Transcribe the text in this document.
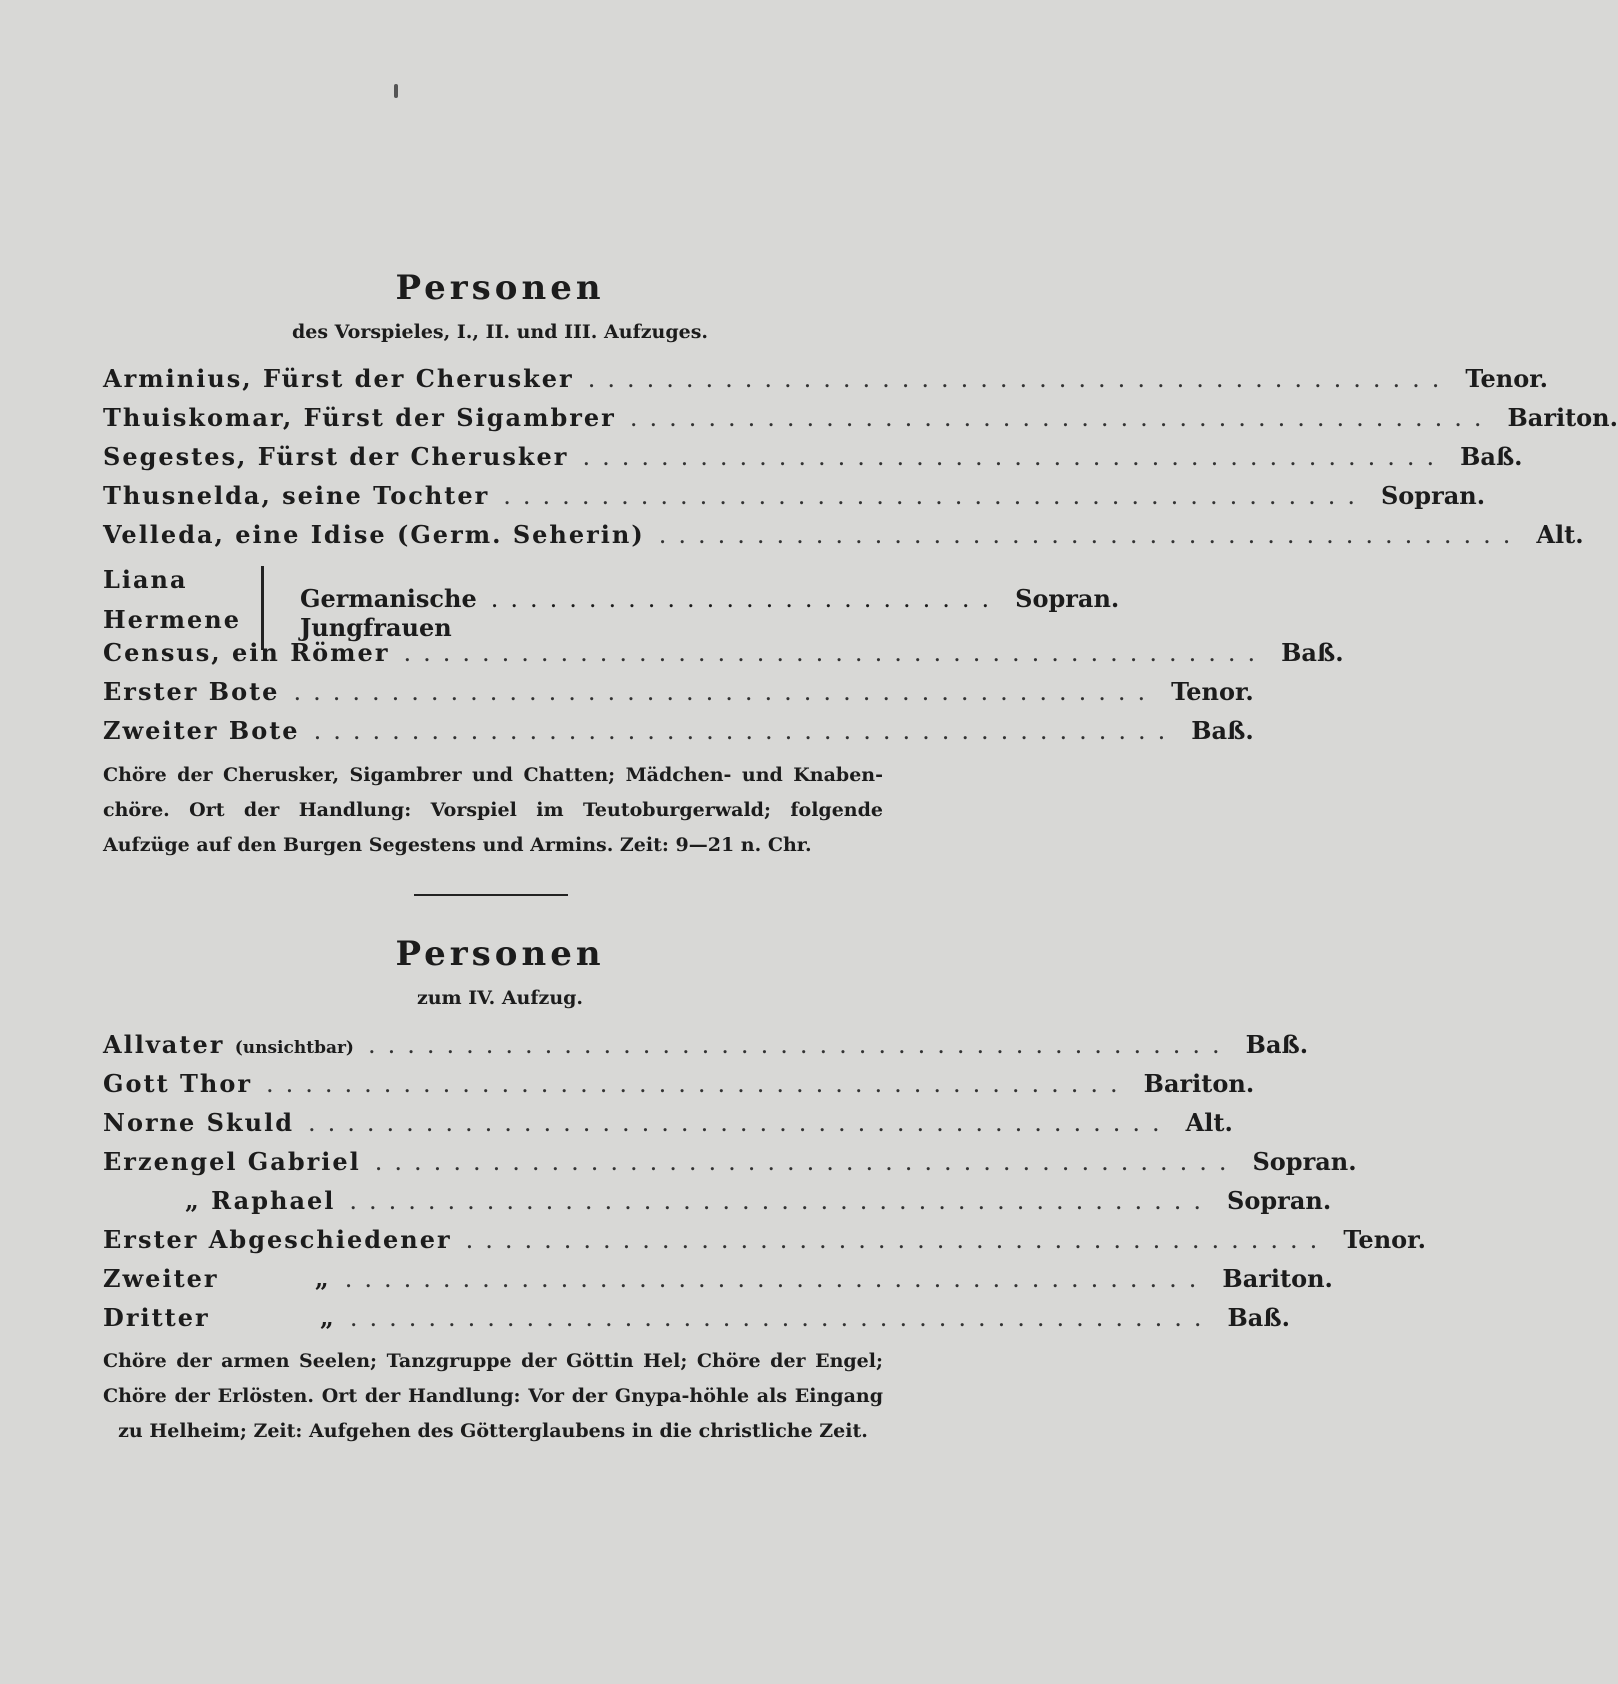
Personen
des Vorspieles, I., II. und III. Aufzuges.
Arminius, Fürst der Cherusker ............................................ Tenor.
Thuiskomar, Fürst der Sigambrer ............................................ Bariton.
Segestes, Fürst der Cherusker ............................................ Baß.
Thusnelda, seine Tochter ............................................ Sopran.
Velleda, eine Idise (Germ. Seherin) ............................................ Alt.
Liana
Hermene
Germanische Jungfrauen
.......................... Sopran.
Census, ein Römer ............................................ Baß.
Erster Bote ............................................ Tenor.
Zweiter Bote ............................................ Baß.
Chöre der Cherusker, Sigambrer und Chatten; Mädchen- und Knaben-chöre. Ort der Handlung: Vorspiel im Teutoburgerwald; folgende Aufzüge auf den Burgen Segestens und Armins. Zeit: 9—21 n. Chr.
Personen
zum IV. Aufzug.
Allvater (unsichtbar) ............................................ Baß.
Gott Thor ............................................ Bariton.
Norne Skuld ............................................ Alt.
Erzengel Gabriel ............................................ Sopran.
„ Raphael ............................................ Sopran.
Erster Abgeschiedener ............................................ Tenor.
Zweiter „ ............................................ Bariton.
Dritter „ ............................................ Baß.
Chöre der armen Seelen; Tanzgruppe der Göttin Hel; Chöre der Engel; Chöre der Erlösten. Ort der Handlung: Vor der Gnypa-höhle als Eingang zu Helheim; Zeit: Aufgehen des Götterglaubens in die christliche Zeit.
